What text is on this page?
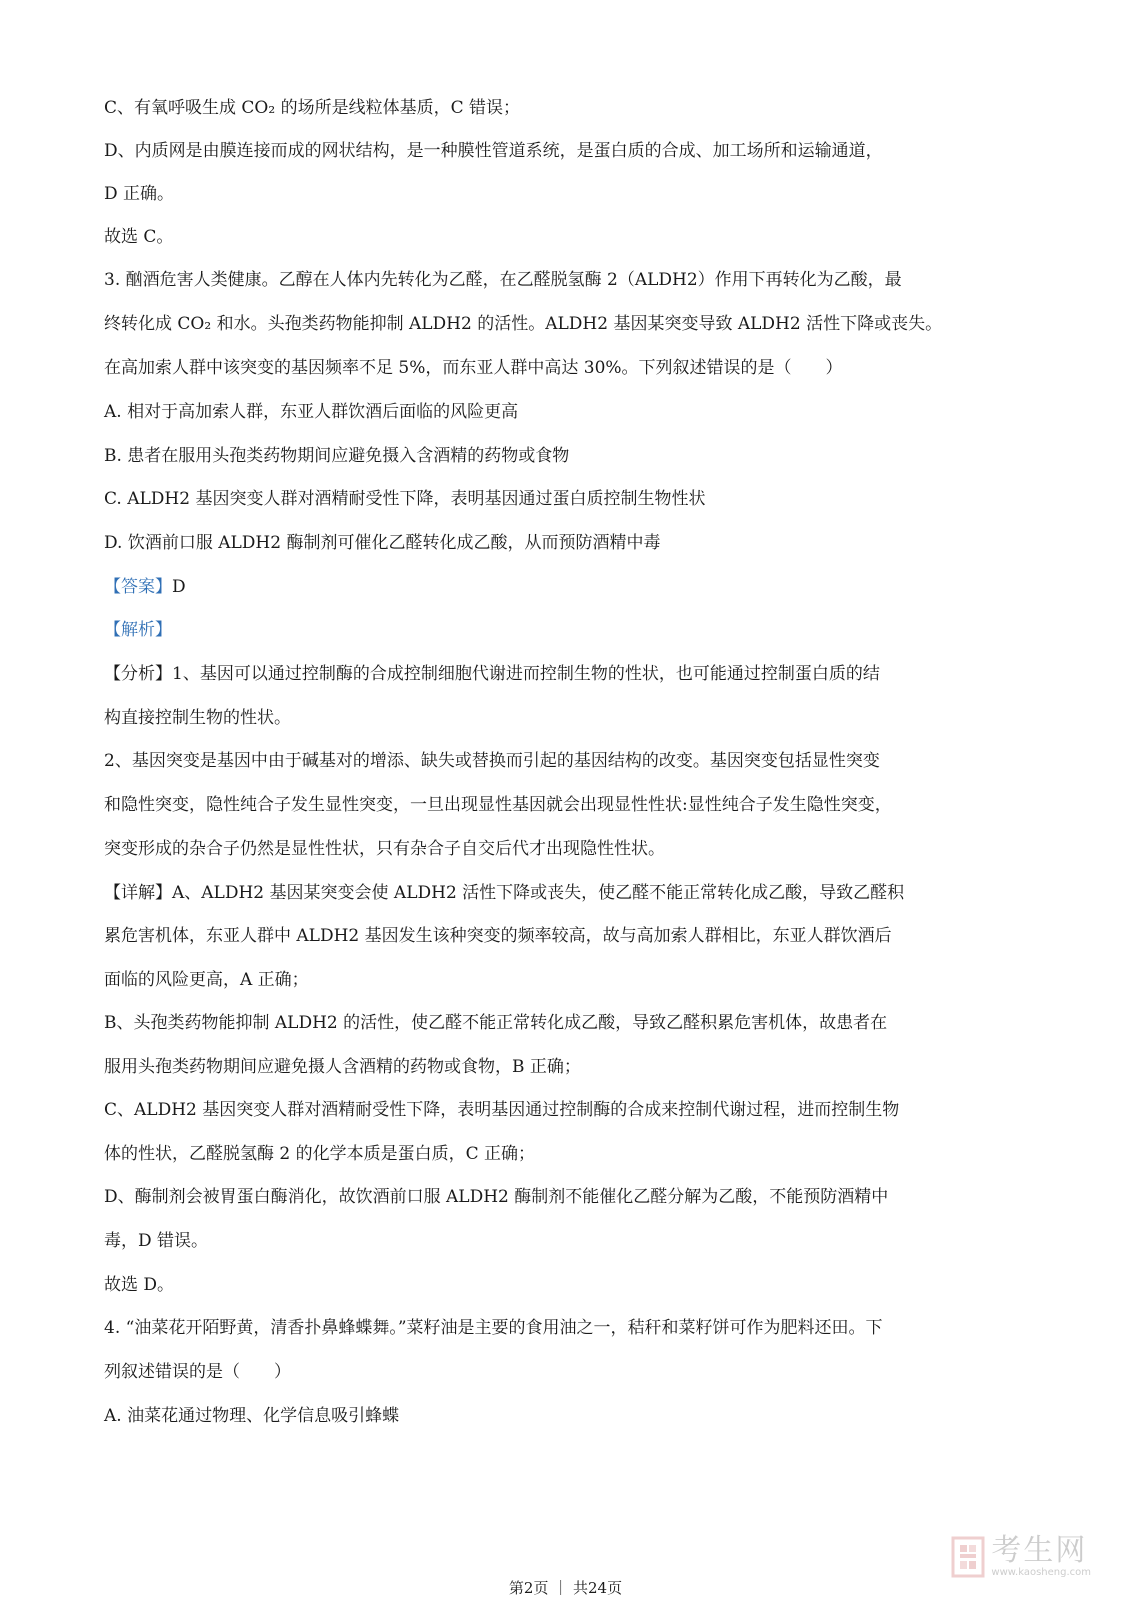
C、有氧呼吸生成 CO₂ 的场所是线粒体基质，C 错误；

D、内质网是由膜连接而成的网状结构，是一种膜性管道系统，是蛋白质的合成、加工场所和运输通道，

D 正确。

故选 C。

3. 酗酒危害人类健康。乙醇在人体内先转化为乙醛，在乙醛脱氢酶 2（ALDH2）作用下再转化为乙酸，最

终转化成 CO₂ 和水。头孢类药物能抑制 ALDH2 的活性。ALDH2 基因某突变导致 ALDH2 活性下降或丧失。

在高加索人群中该突变的基因频率不足 5%，而东亚人群中高达 30%。下列叙述错误的是（　　）

A. 相对于高加索人群，东亚人群饮酒后面临的风险更高

B. 患者在服用头孢类药物期间应避免摄入含酒精的药物或食物

C. ALDH2 基因突变人群对酒精耐受性下降，表明基因通过蛋白质控制生物性状

D. 饮酒前口服 ALDH2 酶制剂可催化乙醛转化成乙酸，从而预防酒精中毒

【答案】D

【解析】

【分析】1、基因可以通过控制酶的合成控制细胞代谢进而控制生物的性状，也可能通过控制蛋白质的结

构直接控制生物的性状。

2、基因突变是基因中由于碱基对的增添、缺失或替换而引起的基因结构的改变。基因突变包括显性突变

和隐性突变，隐性纯合子发生显性突变，一旦出现显性基因就会出现显性性状:显性纯合子发生隐性突变，

突变形成的杂合子仍然是显性性状，只有杂合子自交后代才出现隐性性状。

【详解】A、ALDH2 基因某突变会使 ALDH2 活性下降或丧失，使乙醛不能正常转化成乙酸，导致乙醛积

累危害机体，东亚人群中 ALDH2 基因发生该种突变的频率较高，故与高加索人群相比，东亚人群饮酒后

面临的风险更高，A 正确；

B、头孢类药物能抑制 ALDH2 的活性，使乙醛不能正常转化成乙酸，导致乙醛积累危害机体，故患者在

服用头孢类药物期间应避免摄人含酒精的药物或食物，B 正确；

C、ALDH2 基因突变人群对酒精耐受性下降，表明基因通过控制酶的合成来控制代谢过程，进而控制生物

体的性状，乙醛脱氢酶 2 的化学本质是蛋白质，C 正确；

D、酶制剂会被胃蛋白酶消化，故饮酒前口服 ALDH2 酶制剂不能催化乙醛分解为乙酸，不能预防酒精中

毒，D 错误。

故选 D。

4. “油菜花开陌野黄，清香扑鼻蜂蝶舞。”菜籽油是主要的食用油之一，秸秆和菜籽饼可作为肥料还田。下

列叙述错误的是（　　）

A. 油菜花通过物理、化学信息吸引蜂蝶

考生网
www.kaosheng.com
第2页 ｜ 共24页
